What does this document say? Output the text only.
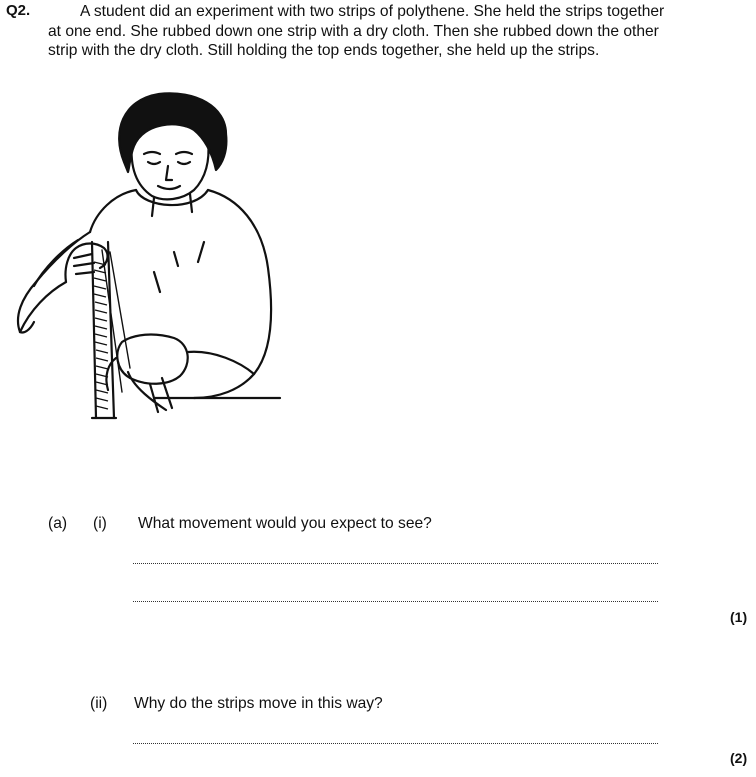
Q2.	A student did an experiment with two strips of polythene. She held the strips together
at one end. She rubbed down one strip with a dry cloth. Then she rubbed down the other
strip with the dry cloth. Still holding the top ends together, she held up the strips.
(a) (i) What movement would you expect to see?
(1)
(ii) Why do the strips move in this way?
(2)
